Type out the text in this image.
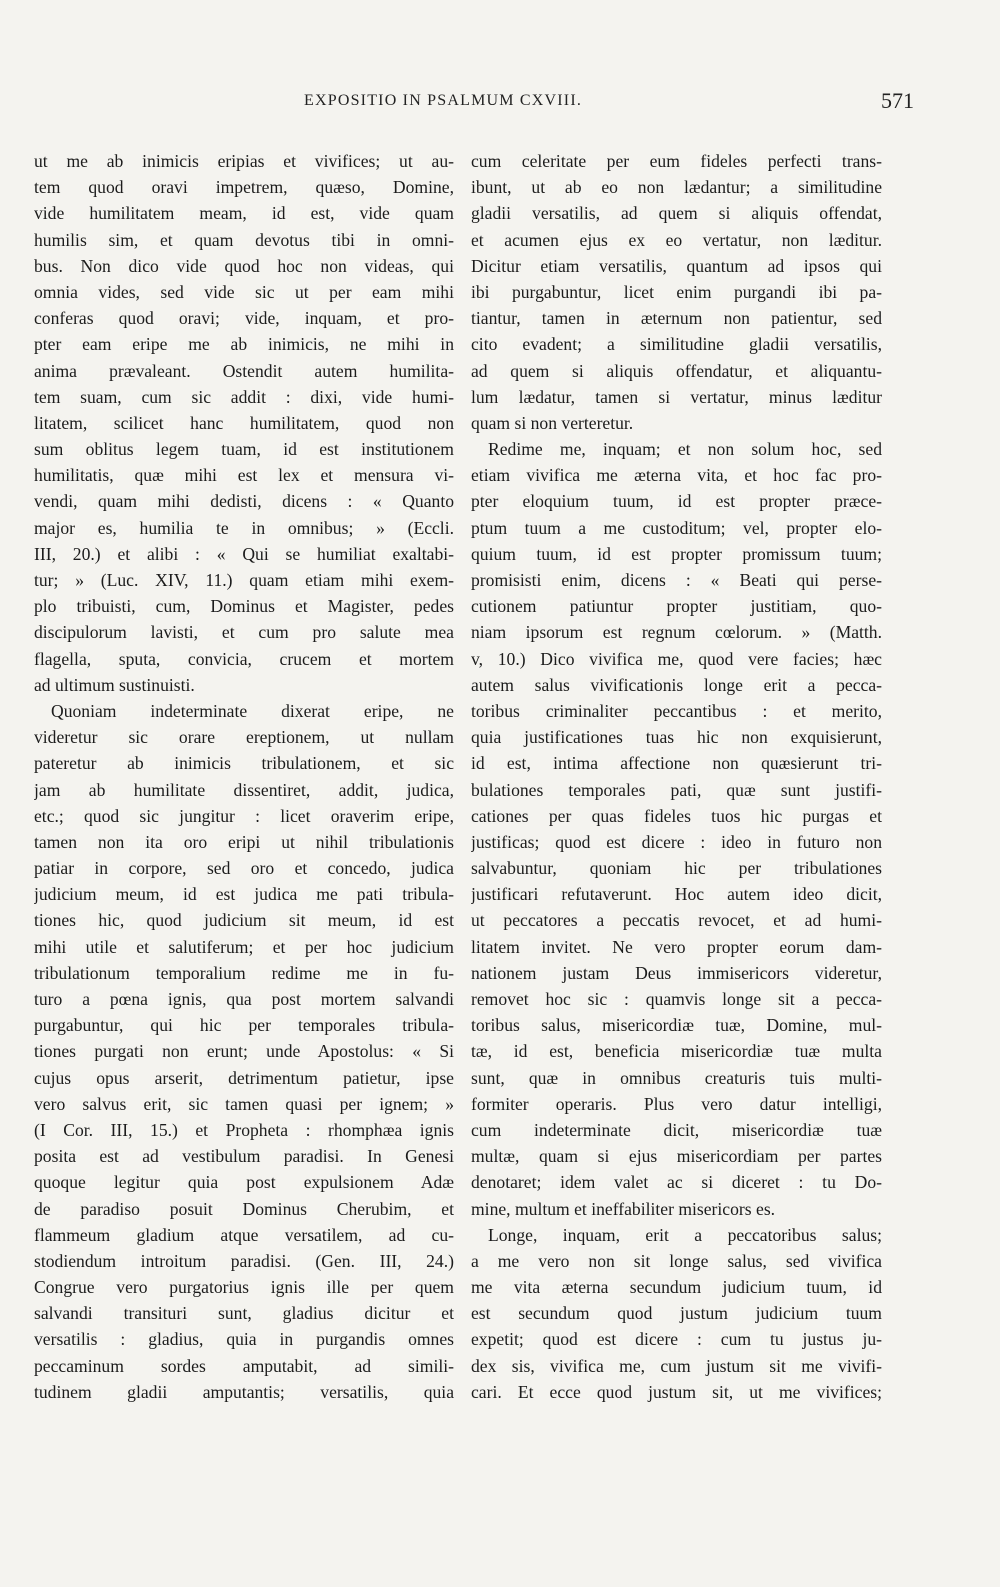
EXPOSITIO IN PSALMUM CXVIII.	571
ut me ab inimicis eripias et vivifices; ut au-
tem quod oravi impetrem, quæso, Domine,
vide humilitatem meam, id est, vide quam
humilis sim, et quam devotus tibi in omni-
bus. Non dico vide quod hoc non videas, qui
omnia vides, sed vide sic ut per eam mihi
conferas quod oravi; vide, inquam, et pro-
pter eam eripe me ab inimicis, ne mihi in
anima prævaleant. Ostendit autem humilita-
tem suam, cum sic addit : dixi, vide humi-
litatem, scilicet hanc humilitatem, quod non
sum oblitus legem tuam, id est institutionem
humilitatis, quæ mihi est lex et mensura vi-
vendi, quam mihi dedisti, dicens : « Quanto
major es, humilia te in omnibus; » (Eccli.
III, 20.) et alibi : « Qui se humiliat exaltabi-
tur; » (Luc. XIV, 11.) quam etiam mihi exem-
plo tribuisti, cum, Dominus et Magister, pedes
discipulorum lavisti, et cum pro salute mea
flagella, sputa, convicia, crucem et mortem
ad ultimum sustinuisti.
Quoniam indeterminate dixerat eripe, ne
videretur sic orare ereptionem, ut nullam
pateretur ab inimicis tribulationem, et sic
jam ab humilitate dissentiret, addit, judica,
etc.; quod sic jungitur : licet oraverim eripe,
tamen non ita oro eripi ut nihil tribulationis
patiar in corpore, sed oro et concedo, judica
judicium meum, id est judica me pati tribula-
tiones hic, quod judicium sit meum, id est
mihi utile et salutiferum; et per hoc judicium
tribulationum temporalium redime me in fu-
turo a pœna ignis, qua post mortem salvandi
purgabuntur, qui hic per temporales tribula-
tiones purgati non erunt; unde Apostolus: « Si
cujus opus arserit, detrimentum patietur, ipse
vero salvus erit, sic tamen quasi per ignem; »
(I Cor. III, 15.) et Propheta : rhomphæa ignis
posita est ad vestibulum paradisi. In Genesi
quoque legitur quia post expulsionem Adæ
de paradiso posuit Dominus Cherubim, et
flammeum gladium atque versatilem, ad cu-
stodiendum introitum paradisi. (Gen. III, 24.)
Congrue vero purgatorius ignis ille per quem
salvandi transituri sunt, gladius dicitur et
versatilis : gladius, quia in purgandis omnes
peccaminum sordes amputabit, ad simili-
tudinem gladii amputantis; versatilis, quia
cum celeritate per eum fideles perfecti trans-
ibunt, ut ab eo non lædantur; a similitudine
gladii versatilis, ad quem si aliquis offendat,
et acumen ejus ex eo vertatur, non læditur.
Dicitur etiam versatilis, quantum ad ipsos qui
ibi purgabuntur, licet enim purgandi ibi pa-
tiantur, tamen in æternum non patientur, sed
cito evadent; a similitudine gladii versatilis,
ad quem si aliquis offendatur, et aliquantu-
lum lædatur, tamen si vertatur, minus læditur
quam si non verteretur.
Redime me, inquam; et non solum hoc, sed
etiam vivifica me æterna vita, et hoc fac pro-
pter eloquium tuum, id est propter præce-
ptum tuum a me custoditum; vel, propter elo-
quium tuum, id est propter promissum tuum;
promisisti enim, dicens : « Beati qui perse-
cutionem patiuntur propter justitiam, quo-
niam ipsorum est regnum cœlorum. » (Matth.
v, 10.) Dico vivifica me, quod vere facies; hæc
autem salus vivificationis longe erit a pecca-
toribus criminaliter peccantibus : et merito,
quia justificationes tuas hic non exquisierunt,
id est, intima affectione non quæsierunt tri-
bulationes temporales pati, quæ sunt justifi-
cationes per quas fideles tuos hic purgas et
justificas; quod est dicere : ideo in futuro non
salvabuntur, quoniam hic per tribulationes
justificari refutaverunt. Hoc autem ideo dicit,
ut peccatores a peccatis revocet, et ad humi-
litatem invitet. Ne vero propter eorum dam-
nationem justam Deus immisericors videretur,
removet hoc sic : quamvis longe sit a pecca-
toribus salus, misericordiæ tuæ, Domine, mul-
tæ, id est, beneficia misericordiæ tuæ multa
sunt, quæ in omnibus creaturis tuis multi-
formiter operaris. Plus vero datur intelligi,
cum indeterminate dicit, misericordiæ tuæ
multæ, quam si ejus misericordiam per partes
denotaret; idem valet ac si diceret : tu Do-
mine, multum et ineffabiliter misericors es.
Longe, inquam, erit a peccatoribus salus;
a me vero non sit longe salus, sed vivifica
me vita æterna secundum judicium tuum, id
est secundum quod justum judicium tuum
expetit; quod est dicere : cum tu justus ju-
dex sis, vivifica me, cum justum sit me vivifi-
cari. Et ecce quod justum sit, ut me vivifices;
